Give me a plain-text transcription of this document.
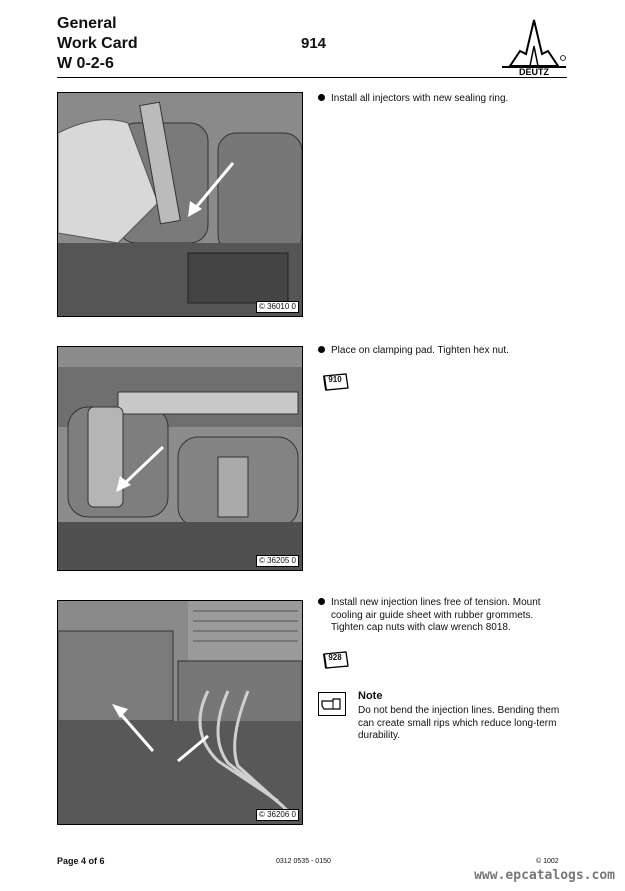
General
Work Card
W 0-2-6
914
DEUTZ
© 36010 0
Install all injectors with new sealing ring.
© 36205 0
Place on clamping pad. Tighten hex nut.
910
© 36206 0
Install new injection lines free of tension. Mount cooling air guide sheet with rubber grommets. Tighten cap nuts with claw wrench 8018.
928
Note
Do not bend the injection lines. Bending them can create small rips which reduce long-term durability.
Page 4 of 6	0312 0535 - 0150	© 1002
www.epcatalogs.com
